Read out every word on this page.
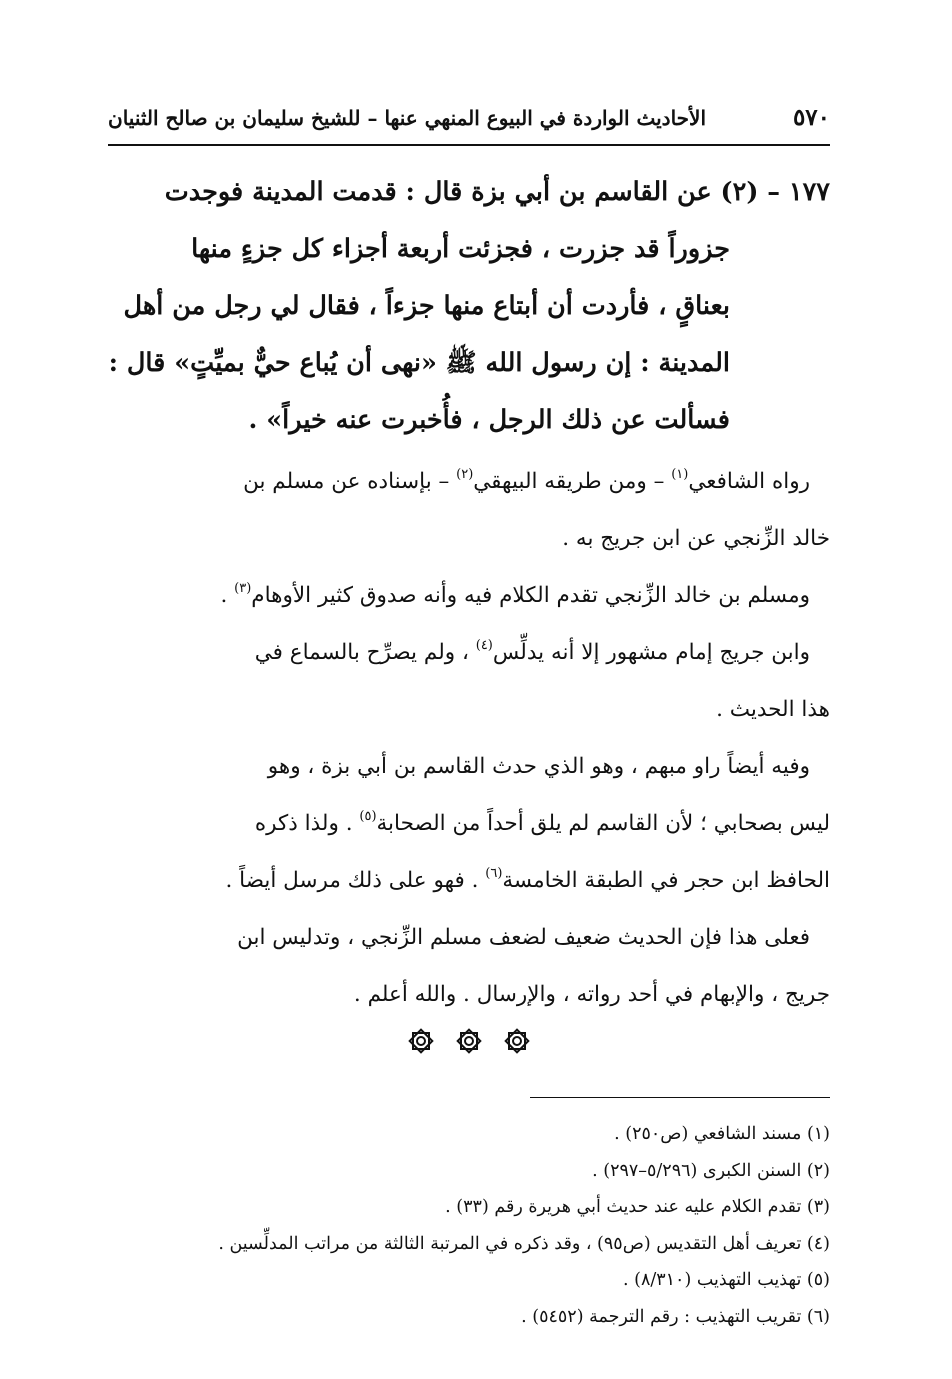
٥٧٠
الأحاديث الواردة في البيوع المنهي عنها – للشيخ سليمان بن صالح الثنيان
١٧٧ – (٢) عن القاسم بن أبي بزة قال : قدمت المدينة فوجدت
جزوراً قد جزرت ، فجزئت أربعة أجزاء كل جزءٍ منها
بعناقٍ ، فأردت أن أبتاع منها جزءاً ، فقال لي رجل من أهل
المدينة : إن رسول الله ﷺ «نهى أن يُباع حيٌّ بميِّتٍ» قال :
فسألت عن ذلك الرجل ، فأُخبرت عنه خيراً» .
رواه الشافعي$^{(١)}$ – ومن طريقه البيهقي$^{(٢)}$ – بإسناده عن مسلم بن
خالد الزِّنجي عن ابن جريج به .
ومسلم بن خالد الزِّنجي تقدم الكلام فيه وأنه صدوق كثير الأوهام$^{(٣)}$ .
وابن جريج إمام مشهور إلا أنه يدلِّس$^{(٤)}$ ، ولم يصرِّح بالسماع في
هذا الحديث .
وفيه أيضاً راو مبهم ، وهو الذي حدث القاسم بن أبي بزة ، وهو
ليس بصحابي ؛ لأن القاسم لم يلق أحداً من الصحابة$^{(٥)}$ . ولذا ذكره
الحافظ ابن حجر في الطبقة الخامسة$^{(٦)}$ . فهو على ذلك مرسل أيضاً .
فعلى هذا فإن الحديث ضعيف لضعف مسلم الزِّنجي ، وتدليس ابن
جريج ، والإبهام في أحد رواته ، والإرسال . والله أعلم .
(١) مسند الشافعي (ص٢٥٠) .
(٢) السنن الكبرى (٥/٢٩٦–٢٩٧) .
(٣) تقدم الكلام عليه عند حديث أبي هريرة رقم (٣٣) .
(٤) تعريف أهل التقديس (ص٩٥) ، وقد ذكره في المرتبة الثالثة من مراتب المدلِّسين .
(٥) تهذيب التهذيب (٨/٣١٠) .
(٦) تقريب التهذيب : رقم الترجمة (٥٤٥٢) .
